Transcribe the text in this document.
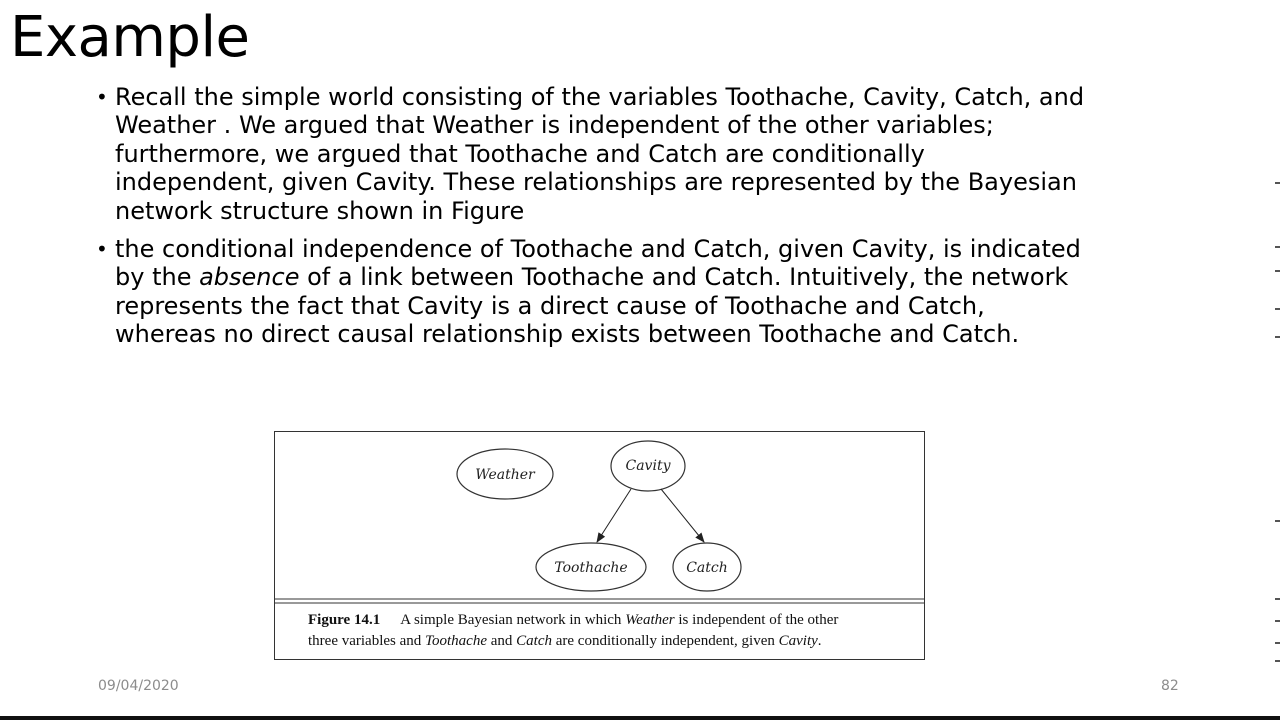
Example
• Recall the simple world consisting of the variables Toothache, Cavity, Catch, and
Weather . We argued that Weather is independent of the other variables;
furthermore, we argued that Toothache and Catch are conditionally
independent, given Cavity. These relationships are represented by the Bayesian
network structure shown in Figure
• the conditional independence of Toothache and Catch, given Cavity, is indicated
by the absence of a link between Toothache and Catch. Intuitively, the network
represents the fact that Cavity is a direct cause of Toothache and Catch,
whereas no direct causal relationship exists between Toothache and Catch.
Weather
Cavity
Toothache	Catch
Figure 14.1 A simple Bayesian network in which Weather is independent of the other
three variables and Toothache and Catch are conditionally independent, given Cavity.
09/04/2020	82
